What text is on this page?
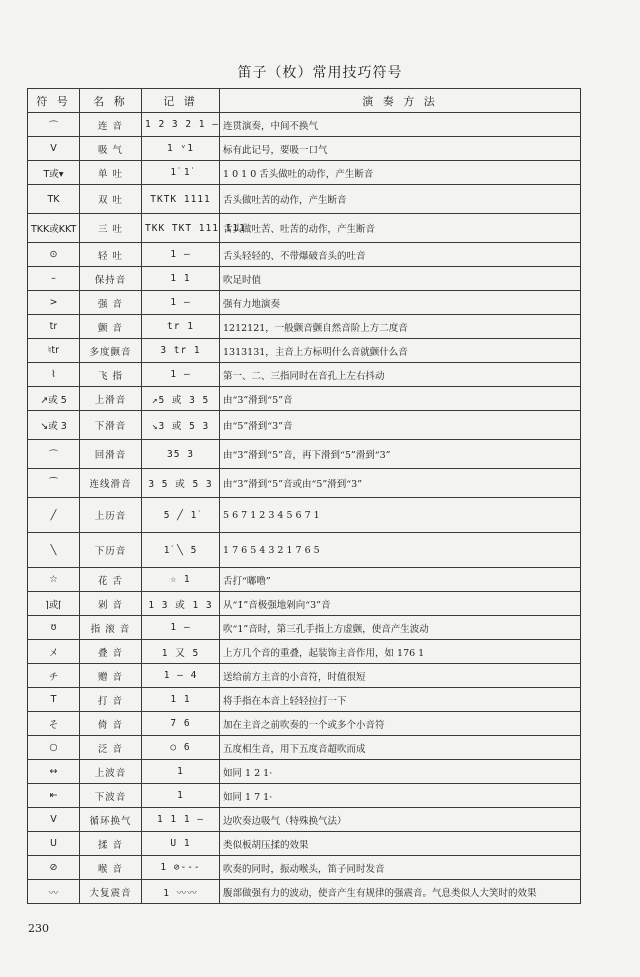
笛子（枚）常用技巧符号
符 号	名 称	记 谱	演 奏 方 法
⌒	连 音	1 2 3 2 1 –	连贯演奏，中间不换气
V	吸 气	1 ᵛ1	标有此记号，要吸一口气
T或▾	单 吐	1̇ 1̇	1 0 1 0 舌头做吐的动作，产生断音
TK	双 吐	TKTK 1111	舌头做吐苦的动作，产生断音
TKK或KKT	三 吐	TKK TKT 111 111	舌头做吐苦、吐苦的动作，产生断音
⊙	轻 吐	1 –	舌头轻轻的、不带爆破音头的吐音
–	保持音	1 1	吹足时值
>	强 音	1 –	强有力地演奏
tr	颤 音	tr 1	1212121，一般颤音颤自然音阶上方二度音
♮tr	多度颤音	3 tr 1	1313131，主音上方标明什么音就颤什么音
⌇	飞 指	1 –	第一、二、三指同时在音孔上左右抖动
↗或 5	上滑音	↗5 或 3 5	由“3”滑到“5”音
↘或 3	下滑音	↘3 或 5 3	由“5”滑到“3”音
⌒	回滑音	35 3	由“3”滑到“5”音，再下滑到“5”滑到“3”
⁀	连线滑音	3 5 或 5 3	由“3”滑到“5”音或由“5”滑到“3”
╱	上历音	5 ╱ 1̇	5 6 7 1 2 3 4 5 6 7 1
╲	下历音	1̇ ╲ 5	1 7 6 5 4 3 2 1 7 6 5
☆	花 舌	☆ 1	舌打“嘟噜”
⌉或⌈	剁 音	1 3 或 1 3	从“1̇”音极强地剁向“3”音
ʊ	指 滚 音	1 –	吹“1”音时，第三孔手指上方虚颤，使音产生波动
メ	叠 音	1 又 5	上方几个音的重叠，起装饰主音作用，如 176 1
チ	赠 音	1 – 4	送给前方主音的小音符，时值很短
T	打 音	1 1	将手指在本音上轻轻拉打一下
そ	倚 音	7 6	加在主音之前吹奏的一个或多个小音符
○	泛 音	○ 6	五度相生音，用下五度音超吹而成
↔	上波音	1	如同 1 2 1·
⇤	下波音	1	如同 1 7 1·
V	循环换气	1 1 1 –	边吹奏边吸气（特殊换气法）
U	揉 音	U 1	类似板胡压揉的效果
⊘	喉 音	1 ⊘‐‐‐	吹奏的同时，振动喉头，笛子同时发音
〰	大复震音	1 〰〰	腹部做强有力的波动，使音产生有规律的强震音。气息类似人大笑时的效果
230
